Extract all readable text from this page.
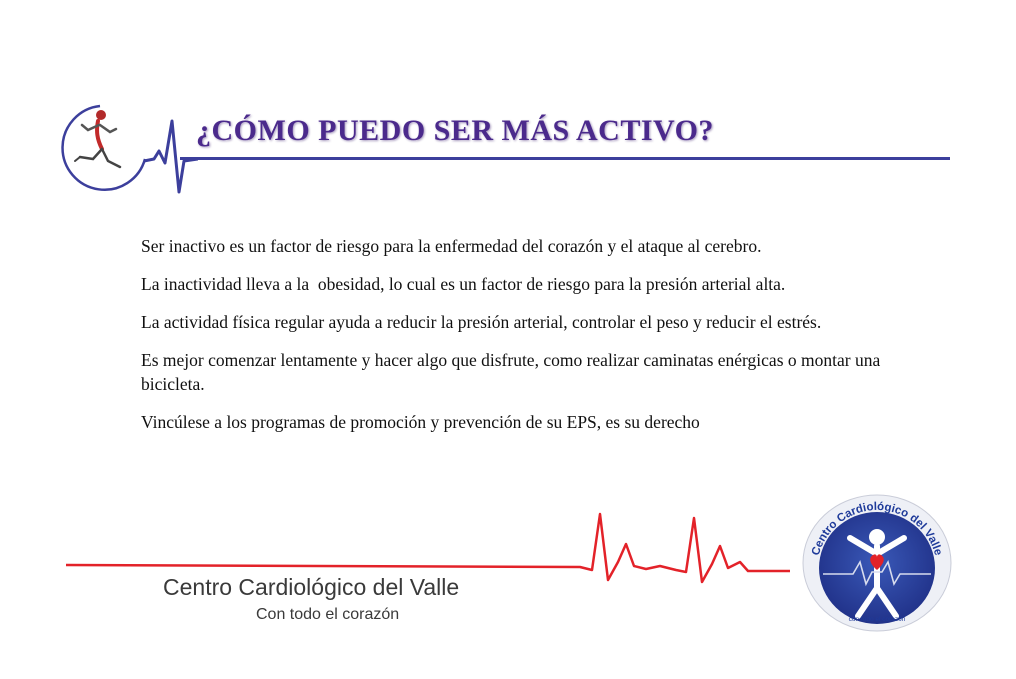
¿CÓMO PUEDO SER MÁS ACTIVO?

Ser inactivo es un factor de riesgo para la enfermedad del corazón y el ataque al cerebro.

La inactividad lleva a la  obesidad, lo cual es un factor de riesgo para la presión arterial alta.

La actividad física regular ayuda a reducir la presión arterial, controlar el peso y reducir el estrés.

Es mejor comenzar lentamente y hacer algo que disfrute, como realizar caminatas enérgicas o montar una bicicleta.

Vincúlese a los programas de promoción y prevención de su EPS, es su derecho

Centro Cardiológico del Valle
Con todo el corazón
Centro Cardiológico del Valle
con todo el corazón
